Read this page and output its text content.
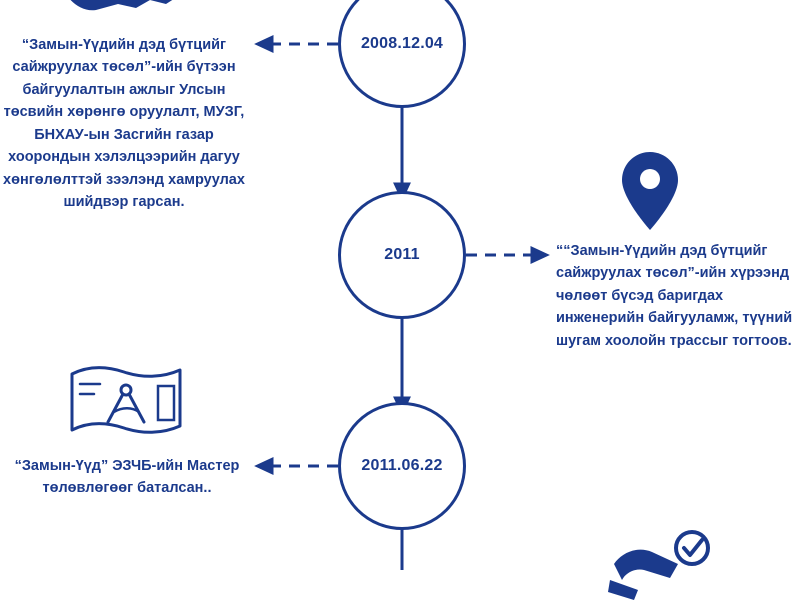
2008.12.04
2011
2011.06.22
“Замын-Үүдийн дэд бүтцийг сайжруулах төсөл”-ийн бүтээн байгуулалтын ажлыг Улсын төсвийн хөрөнгө оруулалт, МУЗГ, БНХАУ-ын Засгийн газар хоорондын хэлэлцээрийн дагуу хөнгөлөлттэй зээлэнд хамруулах шийдвэр гарсан.
““Замын-Үүдийн дэд бүтцийг сайжруулах төсөл”-ийн хүрээнд чөлөөт бүсэд баригдах инженерийн байгууламж, түүний шугам хоолойн трассыг тогтоов.
“Замын-Үүд” ЭЗЧБ-ийн Мастер төлөвлөгөөг баталсан..
